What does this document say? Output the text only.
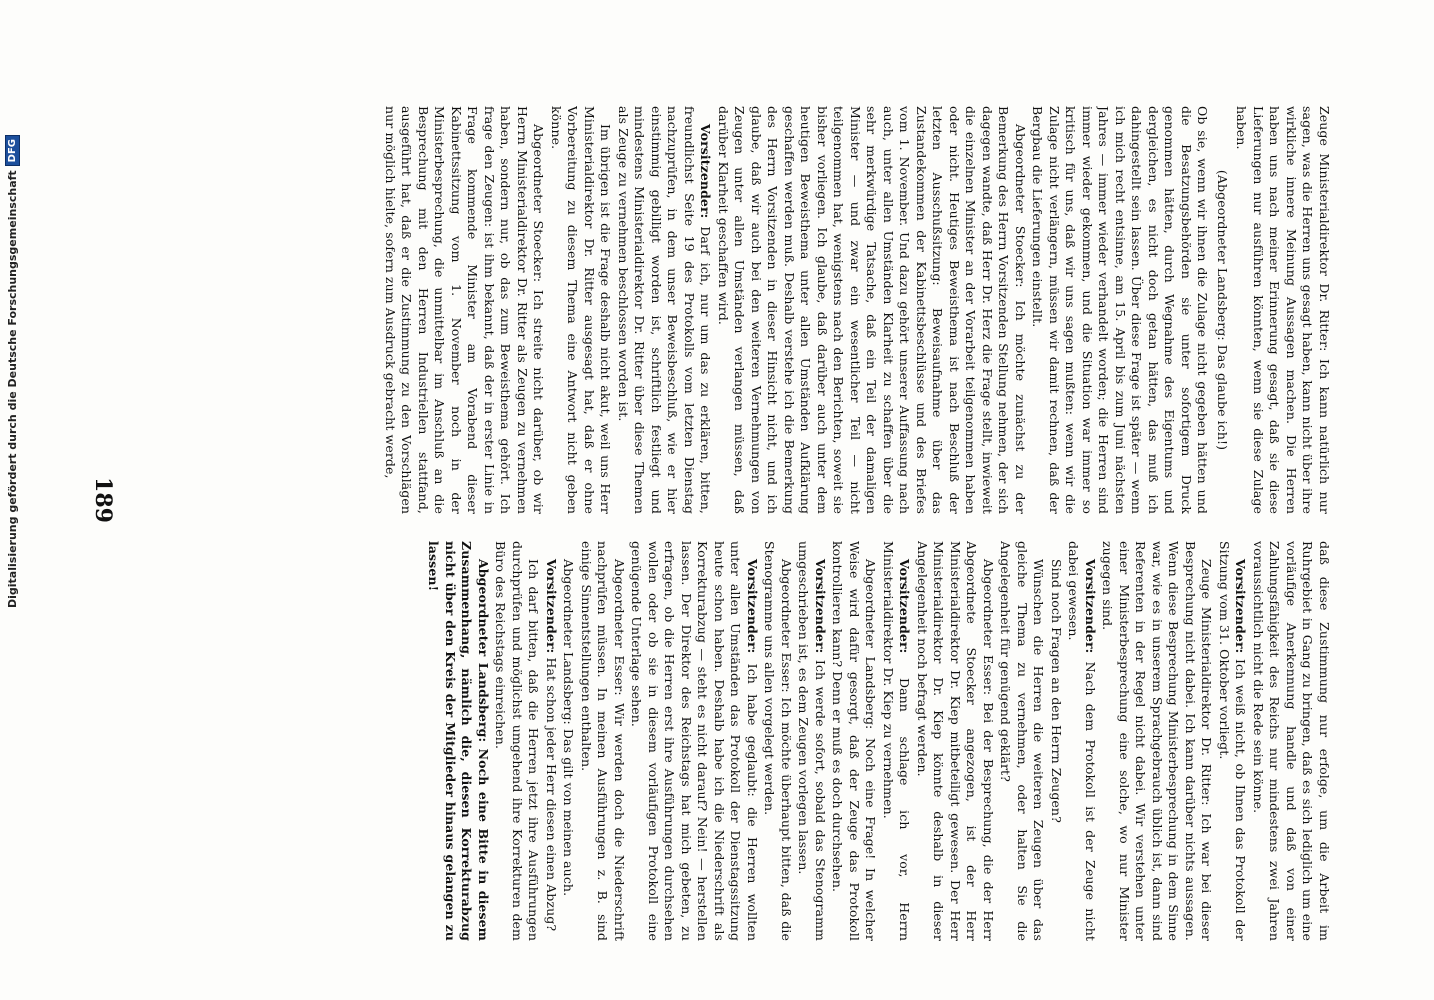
Zeuge Ministerialdirektor Dr. Ritter: Ich kann natürlich nur sagen, was die Herren uns gesagt haben, kann nicht über ihre wirkliche innere Meinung Aussagen machen. Die Herren haben uns nach meiner Erinnerung gesagt, daß sie diese Lieferungen nur ausführen könnten, wenn sie diese Zulage haben.

(Abgeordneter Landsberg: Das glaube ich!)

Ob sie, wenn wir ihnen die Zulage nicht gegeben hätten und die Besatzungsbehörden sie unter sofortigem Druck genommen hätten, durch Wegnahme des Eigentums und dergleichen, es nicht doch getan hätten, das muß ich dahingestellt sein lassen. Über diese Frage ist später — wenn ich mich recht entsinne, am 15. April bis zum Juni nächsten Jahres — immer wieder verhandelt worden; die Herren sind immer wieder gekommen, und die Situation war immer so kritisch für uns, daß wir uns sagen mußten: wenn wir die Zulage nicht verlängern, müssen wir damit rechnen, daß der Bergbau die Lieferungen einstellt.

Abgeordneter Stoecker: Ich möchte zunächst zu der Bemerkung des Herrn Vorsitzenden Stellung nehmen, der sich dagegen wandte, daß Herr Dr. Herz die Frage stellt, inwieweit die einzelnen Minister an der Vorarbeit teilgenommen haben oder nicht. Heutiges Beweisthema ist nach Beschluß der letzten Ausschußsitzung: Beweisaufnahme über das Zustandekommen der Kabinettsbeschlüsse und des Briefes vom 1. November. Und dazu gehört unserer Auffassung nach auch, unter allen Umständen Klarheit zu schaffen über die sehr merkwürdige Tatsache, daß ein Teil der damaligen Minister — und zwar ein wesentlicher Teil — nicht teilgenommen hat, wenigstens nach den Berichten, soweit sie bisher vorliegen. Ich glaube, daß darüber auch unter dem heutigen Beweisthema unter allen Umständen Aufklärung geschaffen werden muß. Deshalb verstehe ich die Bemerkung des Herrn Vorsitzenden in dieser Hinsicht nicht, und ich glaube, daß wir auch bei den weiteren Vernehmungen von Zeugen unter allen Umständen verlangen müssen, daß darüber Klarheit geschaffen wird.

Vorsitzender: Darf ich, nur um das zu erklären, bitten, freundlichst Seite 19 des Protokolls vom letzten Dienstag nachzuprüfen, in dem unser Beweisbeschluß, wie er hier einstimmig gebilligt worden ist, schriftlich festliegt und mindestens Ministerialdirektor Dr. Ritter über diese Themen als Zeuge zu vernehmen beschlossen worden ist.

Im übrigen ist die Frage deshalb nicht akut, weil uns Herr Ministerialdirektor Dr. Ritter ausgesagt hat, daß er ohne Vorbereitung zu diesem Thema eine Antwort nicht geben könne.

Abgeordneter Stoecker: Ich streite nicht darüber, ob wir Herrn Ministerialdirektor Dr. Ritter als Zeugen zu vernehmen haben, sondern nur, ob das zum Beweisthema gehört. Ich frage den Zeugen: ist ihm bekannt, daß der in erster Linie in Frage kommende Minister am Vorabend dieser Kabinettssitzung vom 1. November noch in der Ministerbesprechung, die unmittelbar im Anschluß an die Besprechung mit den Herren Industriellen stattfand, ausgeführt hat, daß er die Zustimmung zu den Vorschlägen nur möglich hielte, sofern zum Ausdruck gebracht werde,

daß diese Zustimmung nur erfolge, um die Arbeit im Ruhrgebiet in Gang zu bringen, daß es sich lediglich um eine vorläufige Anerkennung handle und daß von einer Zahlungsfähigkeit des Reichs nur mindestens zwei Jahren voraussichtlich nicht die Rede sein könne.

Vorsitzender: Ich weiß nicht, ob Ihnen das Protokoll der Sitzung vom 31. Oktober vorliegt.

Zeuge Ministerialdirektor Dr. Ritter: Ich war bei dieser Besprechung nicht dabei. Ich kann darüber nichts aussagen. Wenn diese Besprechung Ministerbesprechung in dem Sinne war, wie es in unserem Sprachgebrauch üblich ist, dann sind Referenten in der Regel nicht dabei. Wir verstehen unter einer Ministerbesprechung eine solche, wo nur Minister zugegen sind.

Vorsitzender: Nach dem Protokoll ist der Zeuge nicht dabei gewesen.

Sind noch Fragen an den Herrn Zeugen?

Wünschen die Herren die weiteren Zeugen über das gleiche Thema zu vernehmen, oder halten Sie die Angelegenheit für genügend geklärt?

Abgeordneter Esser: Bei der Besprechung, die der Herr Abgeordnete Stoecker angezogen, ist der Herr Ministerialdirektor Dr. Kiep mitbeteiligt gewesen. Der Herr Ministerialdirektor Dr. Kiep könnte deshalb in dieser Angelegenheit noch befragt werden.

Vorsitzender: Dann schlage ich vor, Herrn Ministerialdirektor Dr. Kiep zu vernehmen.

Abgeordneter Landsberg: Noch eine Frage! In welcher Weise wird dafür gesorgt, daß der Zeuge das Protokoll kontrollieren kann? Denn er muß es doch durchsehen.

Vorsitzender: Ich werde sofort, sobald das Stenogramm umgeschrieben ist, es dem Zeugen vorlegen lassen.

Abgeordneter Esser: Ich möchte überhaupt bitten, daß die Stenogramme uns allen vorgelegt werden.

Vorsitzender: Ich habe geglaubt: die Herren wollten unter allen Umständen das Protokoll der Dienstagssitzung heute schon haben. Deshalb habe ich die Niederschrift als Korrekturabzug — steht es nicht darauf? Nein! — herstellen lassen. Der Direktor des Reichstags hat mich gebeten, zu erfragen, ob die Herren erst ihre Ausführungen durchsehen wollen oder ob sie in diesem vorläufigen Protokoll eine genügende Unterlage sehen.

Abgeordneter Esser: Wir werden doch die Niederschrift nachprüfen müssen. In meinen Ausführungen z. B. sind einige Sinnentstellungen enthalten.

Abgeordneter Landsberg: Das gilt von meinen auch.

Vorsitzender: Hat schon jeder Herr diesen einen Abzug?

Ich darf bitten, daß die Herren jetzt ihre Ausführungen durchprüfen und möglichst umgehend ihre Korrekturen dem Büro des Reichstags einreichen.

Abgeordneter Landsberg: Noch eine Bitte in diesem Zusammenhang, nämlich die, diesen Korrekturabzug nicht über den Kreis der Mitglieder hinaus gelangen zu lassen!

189
Digitalisierung gefördert durch die Deutsche Forschungsgemeinschaft
DFG
